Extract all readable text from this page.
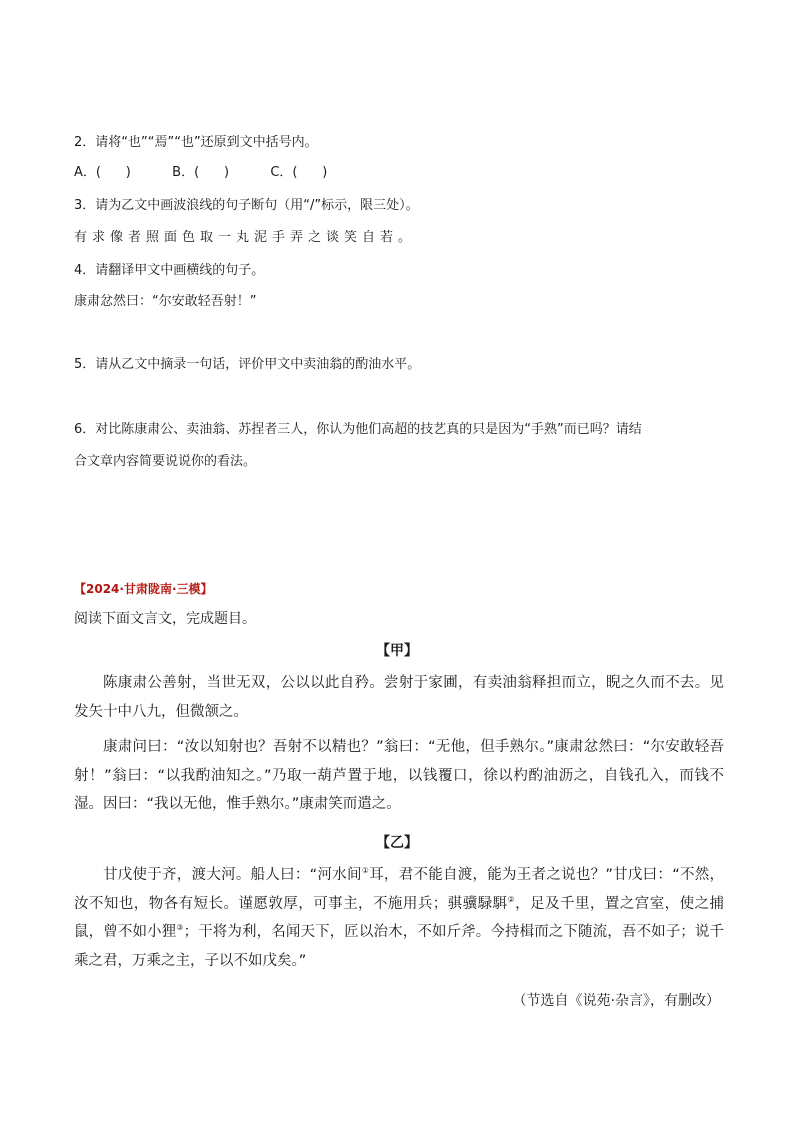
2．请将“也”“焉”“也”还原到文中括号内。
A．(      )          B．(      )          C．(      )
3．请为乙文中画波浪线的句子断句（用“/”标示，限三处）。
有求像者照面色取一丸泥手弄之谈笑自若。
4．请翻译甲文中画横线的句子。
康肃忿然曰：“尔安敢轻吾射！”
5．请从乙文中摘录一句话，评价甲文中卖油翁的酌油水平。
6．对比陈康肃公、卖油翁、苏捏者三人，你认为他们高超的技艺真的只是因为“手熟”而已吗？请结
合文章内容简要说说你的看法。
【2024·甘肃陇南·三模】
阅读下面文言文，完成题目。
【甲】

陈康肃公善射，当世无双，公以以此自矜。尝射于家圃，有卖油翁释担而立，睨之久而不去。见发矢十中八九，但微颔之。

康肃问曰：“汝以知射也？吾射不以精也？”翁曰：“无他，但手熟尔。”康肃忿然曰：“尔安敢轻吾射！”翁曰：“以我酌油知之。”乃取一葫芦置于地，以钱覆口，徐以杓酌油沥之，自钱孔入，而钱不湿。因曰：“我以无他，惟手熟尔。”康肃笑而遣之。

【乙】

甘戊使于齐，渡大河。船人曰：“河水间①耳，君不能自渡，能为王者之说也？”甘戊曰：“不然，汝不知也，物各有短长。谨愿敦厚，可事主，不施用兵；骐骥騄駬②，足及千里，置之宫室，使之捕鼠，曾不如小狸③；干将为利，名闻天下，匠以治木，不如斤斧。今持楫而之下随流，吾不如子；说千乘之君，万乘之主，子以不如戊矣。”

（节选自《说苑·杂言》，有删改）
